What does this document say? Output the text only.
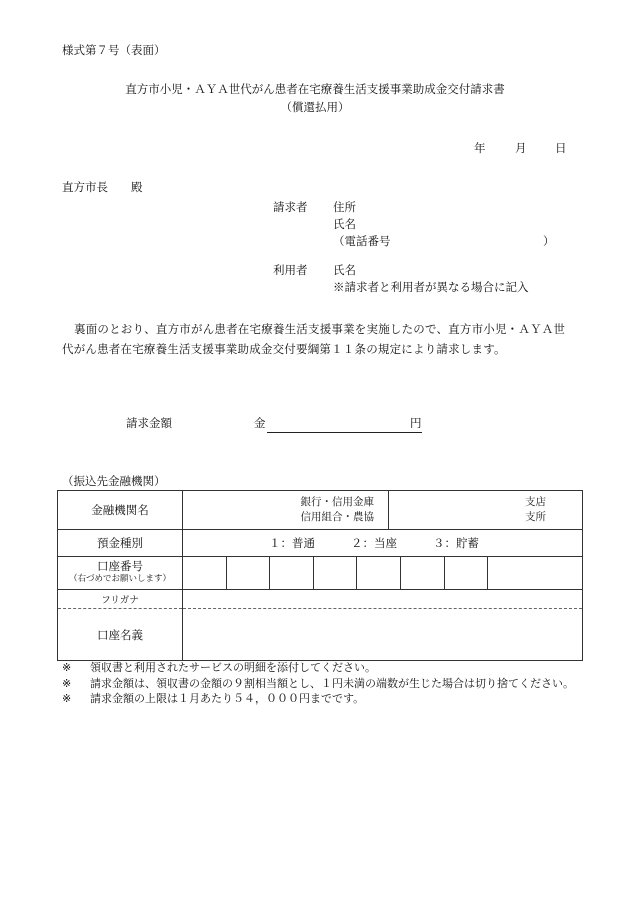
様式第７号（表面）
直方市小児・ＡＹＡ世代がん患者在宅療養生活支援事業助成金交付請求書
（償還払用）
年	月 日
直方市長　　殿
請求者 住所
氏名
（電話番号	）
利用者 氏名
※請求者と利用者が異なる場合に記入
裏面のとおり、直方市がん患者在宅療養生活支援事業を実施したので、直方市小児・ＡＹＡ世代がん患者在宅療養生活支援事業助成金交付要綱第１１条の規定により請求します。
請求金額	金	円
（振込先金融機関）
金融機関名	銀行・信用金庫
信用組合・農協
支店
支所

預金種別	１：普通 ２：当座 ３：貯蓄

口座番号
（右づめでお願いします）	

フリガナ	
口座名義	
※	領収書と利用されたサービスの明細を添付してください。
※	請求金額は、領収書の金額の９割相当額とし、１円未満の端数が生じた場合は切り捨てください。
※	請求金額の上限は１月あたり５４，０００円までです。
